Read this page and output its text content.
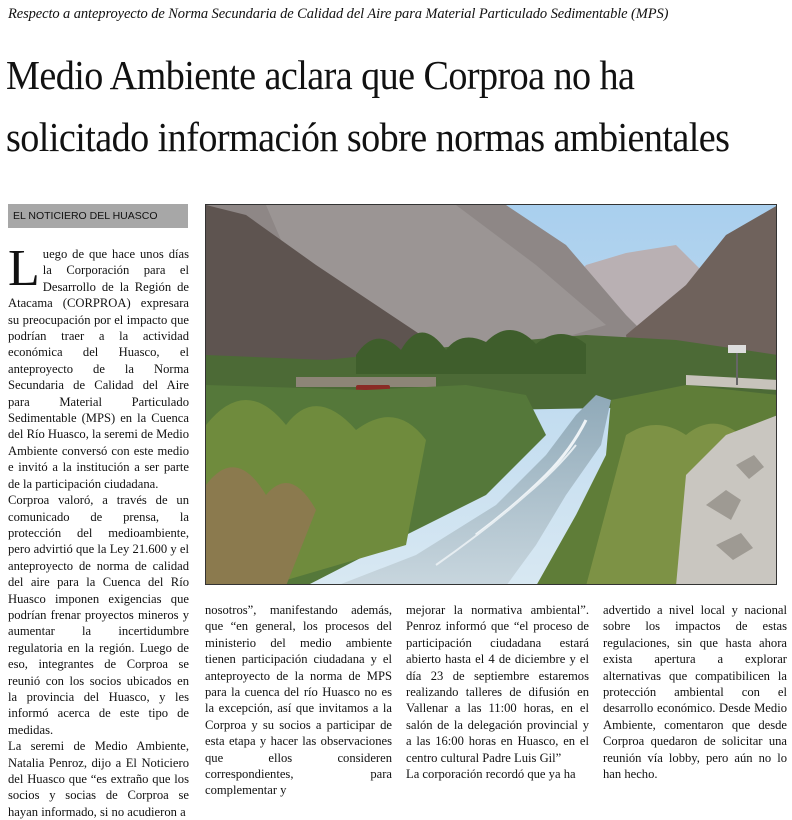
Respecto a anteproyecto de Norma Secundaria de Calidad del Aire para Material Particulado Sedimentable (MPS)
Medio Ambiente aclara que Corproa no ha
solicitado información sobre normas ambientales
EL NOTICIERO DEL HUASCO

Luego de que hace unos días la Corporación para el Desarrollo de la Región de Atacama (CORPROA) expresara su preocupación por el impacto que podrían traer a la actividad económica del Huasco, el anteproyecto de la Norma Secundaria de Calidad del Aire para Material Particulado Sedimentable (MPS) en la Cuenca del Río Huasco, la seremi de Medio Ambiente conversó con este medio e invitó a la institución a ser parte de la participación ciudadana.

Corproa valoró, a través de un comunicado de prensa, la protección del medioambiente, pero advirtió que la Ley 21.600 y el anteproyecto de norma de calidad del aire para la Cuenca del Río Huasco imponen exigencias que podrían frenar proyectos mineros y aumentar la incertidumbre regulatoria en la región. Luego de eso, integrantes de Corproa se reunió con los socios ubicados en la provincia del Huasco, y les informó acerca de este tipo de medidas.

La seremi de Medio Ambiente, Natalia Penroz, dijo a El Noticiero del Huasco que “es extraño que los socios y socias de Corproa se hayan informado, si no acudieron a

nosotros”, manifestando además, que “en general, los procesos del ministerio del medio ambiente tienen participación ciudadana y el anteproyecto de la norma de MPS para la cuenca del río Huasco no es la excepción, así que invitamos a la Corproa y su socios a participar de esta etapa y hacer las observaciones que ellos consideren correspondientes, para complementar y

mejorar la normativa ambiental”. Penroz informó que “el proceso de participación ciudadana estará abierto hasta el 4 de diciembre y el día 23 de septiembre estaremos realizando talleres de difusión en Vallenar a las 11:00 horas, en el salón de la delegación provincial y a las 16:00 horas en Huasco, en el centro cultural Padre Luis Gil”

La corporación recordó que ya ha

advertido a nivel local y nacional sobre los impactos de estas regulaciones, sin que hasta ahora exista apertura a explorar alternativas que compatibilicen la protección ambiental con el desarrollo económico. Desde Medio Ambiente, comentaron que desde Corproa quedaron de solicitar una reunión vía lobby, pero aún no lo han hecho.
